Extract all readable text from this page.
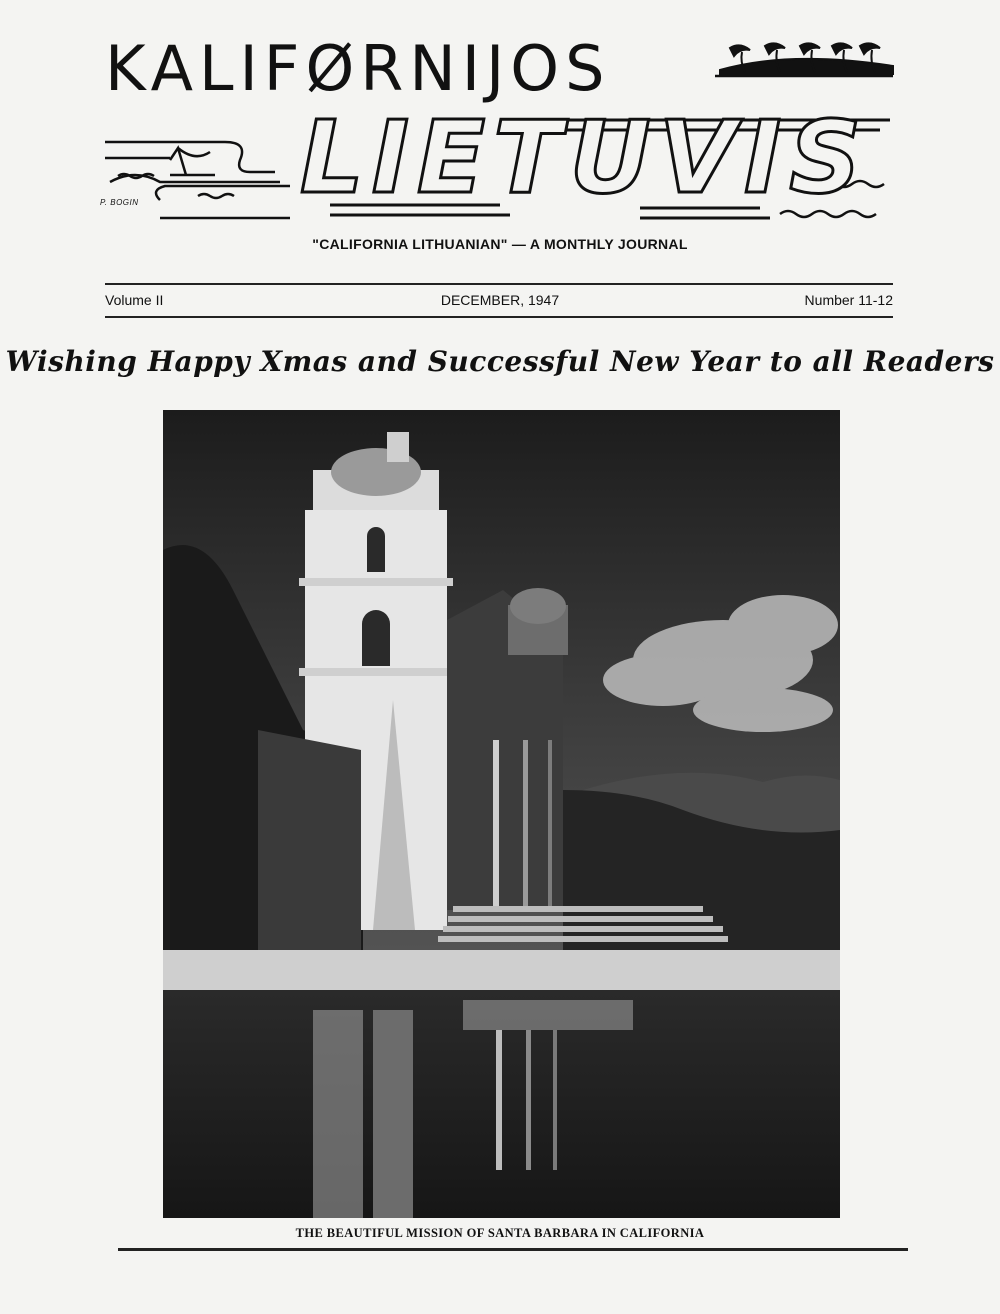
KALIFØRNIJOS
LIETUVIS
P. BOGIN
"CALIFORNIA LITHUANIAN" — A MONTHLY JOURNAL
Volume II	DECEMBER, 1947	Number 11-12
Wishing Happy Xmas and Successful New Year to all Readers
THE BEAUTIFUL MISSION OF SANTA BARBARA IN CALIFORNIA
